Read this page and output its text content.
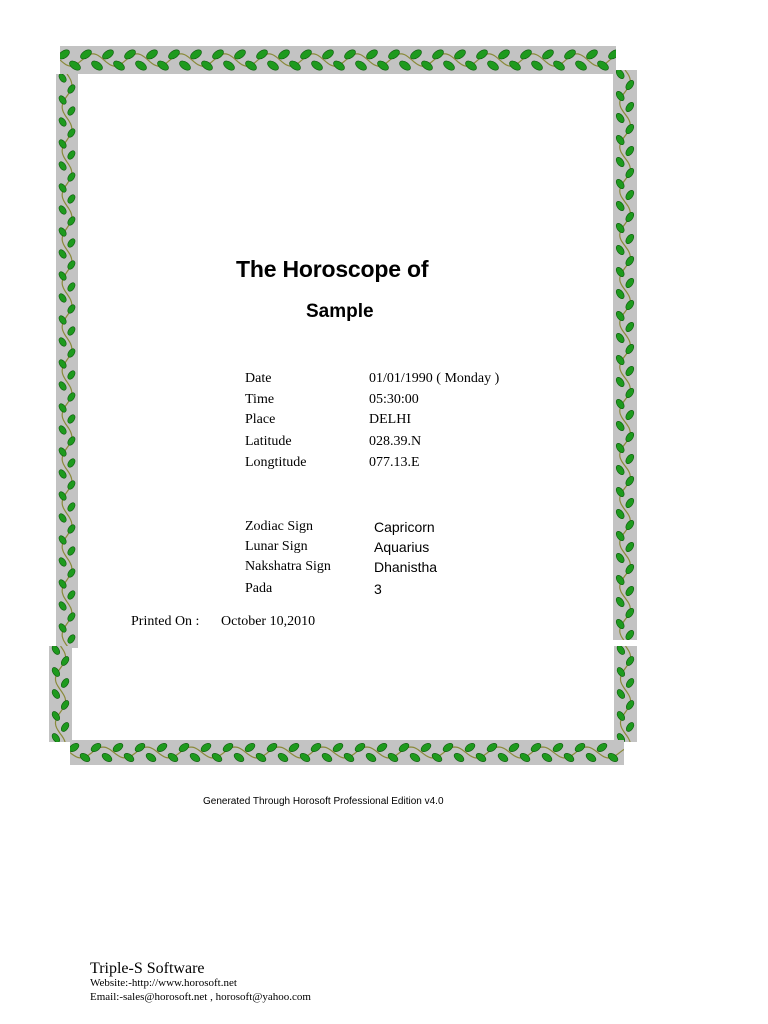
The Horoscope of
Sample
Date	01/01/1990 ( Monday )
Time	05:30:00
Place	DELHI
Latitude	028.39.N
Longtitude	077.13.E
Zodiac Sign	Capricorn
Lunar Sign	Aquarius
Nakshatra Sign	Dhanistha
Pada	3
Printed On : October 10,2010

Generated Through Horosoft Professional Edition v4.0

Triple-S Software
Website:-http://www.horosoft.net
Email:-sales@horosoft.net , horosoft@yahoo.com
